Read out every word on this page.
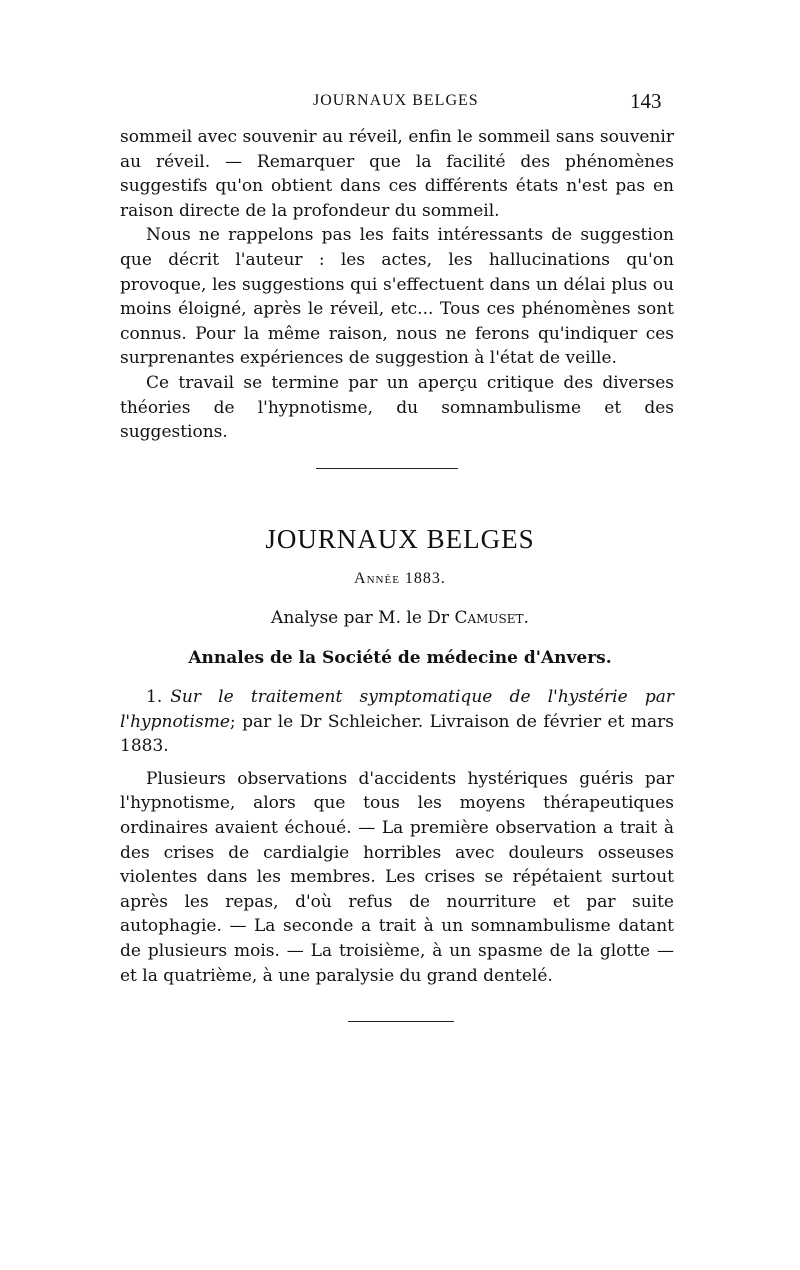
JOURNAUX BELGES	143

sommeil avec souvenir au réveil, enfin le sommeil sans souvenir au réveil. — Remarquer que la facilité des phénomènes suggestifs qu'on obtient dans ces différents états n'est pas en raison directe de la profondeur du sommeil.

Nous ne rappelons pas les faits intéressants de suggestion que décrit l'auteur : les actes, les hallucinations qu'on provoque, les suggestions qui s'effectuent dans un délai plus ou moins éloigné, après le réveil, etc... Tous ces phénomènes sont connus. Pour la même raison, nous ne ferons qu'indiquer ces surprenantes expériences de suggestion à l'état de veille.

Ce travail se termine par un aperçu critique des diverses théories de l'hypnotisme, du somnambulisme et des suggestions.

JOURNAUX BELGES
Année 1883.
Analyse par M. le Dr Camuset.
Annales de la Société de médecine d'Anvers.

1. Sur le traitement symptomatique de l'hystérie par l'hypnotisme; par le Dr Schleicher. Livraison de février et mars 1883.

Plusieurs observations d'accidents hystériques guéris par l'hypnotisme, alors que tous les moyens thérapeutiques ordinaires avaient échoué. — La première observation a trait à des crises de cardialgie horribles avec douleurs osseuses violentes dans les membres. Les crises se répétaient surtout après les repas, d'où refus de nourriture et par suite autophagie. — La seconde a trait à un somnambulisme datant de plusieurs mois. — La troisième, à un spasme de la glotte — et la quatrième, à une paralysie du grand dentelé.
